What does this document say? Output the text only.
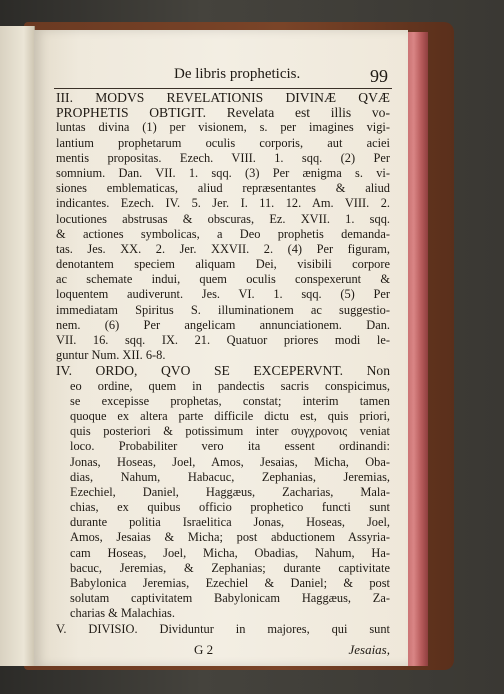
De libris propheticis.	99
III. MODVS REVELATIONIS DIVINÆ QVÆ
PROPHETIS OBTIGIT. Revelata est illis vo-
luntas divina (1) per visionem, s. per imagines vigi-
lantium prophetarum oculis corporis, aut aciei
mentis propositas. Ezech. VIII. 1. sqq. (2) Per
somnium. Dan. VII. 1. sqq. (3) Per ænigma s. vi-
siones emblematicas, aliud repræsentantes & aliud
indicantes. Ezech. IV. 5. Jer. I. 11. 12. Am. VIII. 2.
locutiones abstrusas & obscuras, Ez. XVII. 1. sqq.
& actiones symbolicas, a Deo prophetis demanda-
tas. Jes. XX. 2. Jer. XXVII. 2. (4) Per figuram,
denotantem speciem aliquam Dei, visibili corpore
ac schemate indui, quem oculis conspexerunt &
loquentem audiverunt. Jes. VI. 1. sqq. (5) Per
immediatam Spiritus S. illuminationem ac suggestio-
nem. (6) Per angelicam annunciationem. Dan.
VII. 16. sqq. IX. 21. Quatuor priores modi le-
guntur Num. XII. 6-8.
IV. ORDO, QVO SE EXCEPERVNT. Non
eo ordine, quem in pandectis sacris conspicimus,
se excepisse prophetas, constat; interim tamen
quoque ex altera parte difficile dictu est, quis priori,
quis posteriori & potissimum inter συγχρονοις veniat
loco. Probabiliter vero ita essent ordinandi:
Jonas, Hoseas, Joel, Amos, Jesaias, Micha, Oba-
dias, Nahum, Habacuc, Zephanias, Jeremias,
Ezechiel, Daniel, Haggæus, Zacharias, Mala-
chias, ex quibus officio prophetico functi sunt
durante politia Israelitica Jonas, Hoseas, Joel,
Amos, Jesaias & Micha; post abductionem Assyria-
cam Hoseas, Joel, Micha, Obadias, Nahum, Ha-
bacuc, Jeremias, & Zephanias; durante captivitate
Babylonica Jeremias, Ezechiel & Daniel; & post
solutam captivitatem Babylonicam Haggæus, Za-
charias & Malachias.
V. DIVISIO. Dividuntur in majores, qui sunt
G 2	Jesaias,
